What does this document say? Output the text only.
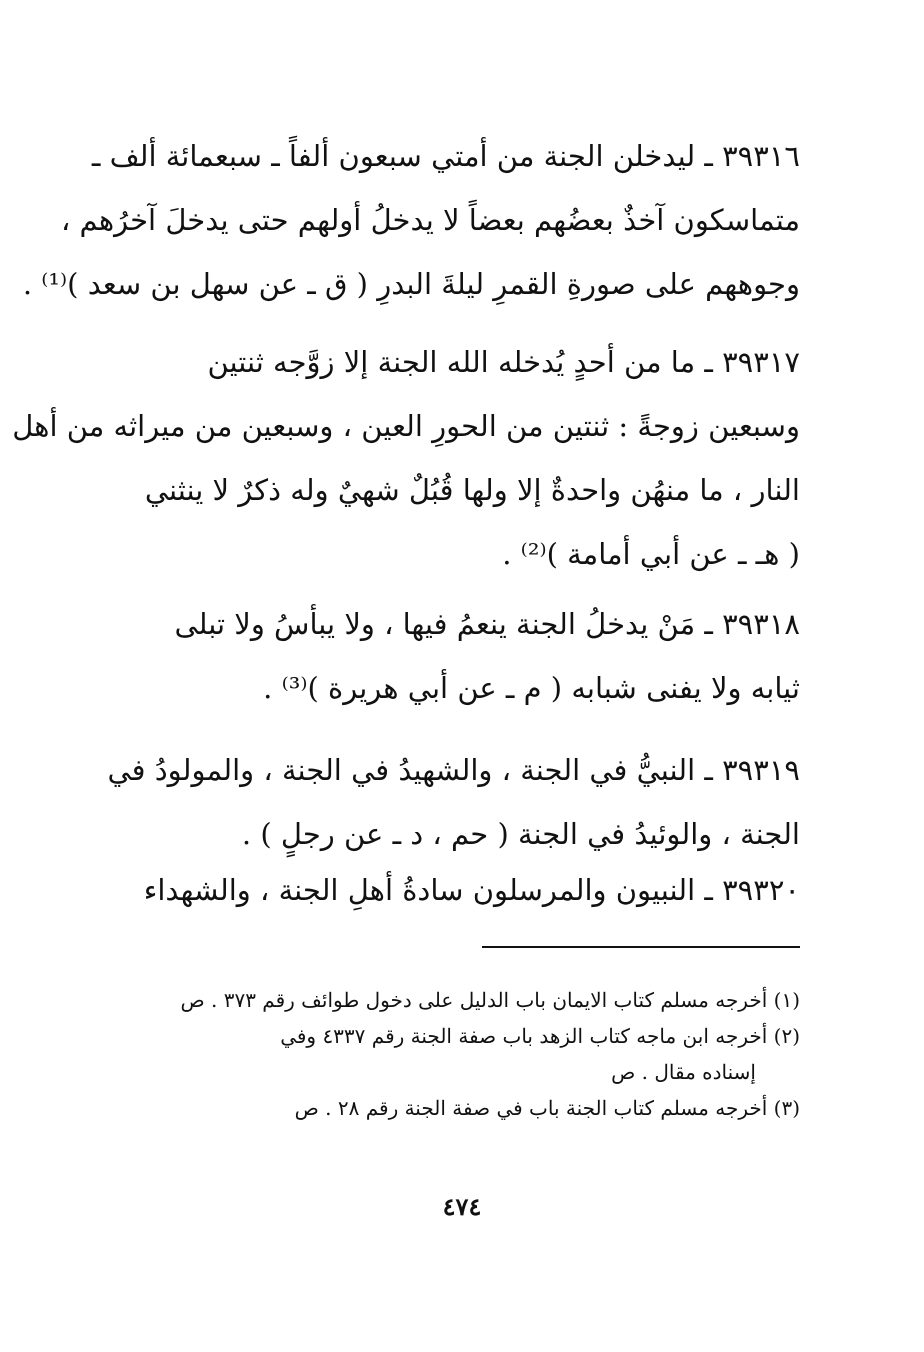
٣٩٣١٦ ـ ليدخلن الجنة من أمتي سبعون ألفاً ـ سبعمائة ألف ـ
متماسكون آخذٌ بعضُهم بعضاً لا يدخلُ أولهم حتى يدخلَ آخرُهم ،
وجوههم على صورةِ القمرِ ليلةَ البدرِ ( ق ـ عن سهل بن سعد )⁽¹⁾ .
٣٩٣١٧ ـ ما من أحدٍ يُدخله الله الجنة إلا زوَّجه ثنتين
وسبعين زوجةً : ثنتين من الحورِ العين ، وسبعين من ميراثه من أهل
النار ، ما منهُن واحدةٌ إلا ولها قُبُلٌ شهيٌ وله ذكرٌ لا ينثني
( هـ ـ عن أبي أمامة )⁽²⁾ .
٣٩٣١٨ ـ مَنْ يدخلُ الجنة ينعمُ فيها ، ولا يبأسُ ولا تبلى
ثيابه ولا يفنى شبابه ( م ـ عن أبي هريرة )⁽³⁾ .
٣٩٣١٩ ـ النبيُّ في الجنة ، والشهيدُ في الجنة ، والمولودُ في
الجنة ، والوئيدُ في الجنة ( حم ، د ـ عن رجلٍ ) .
٣٩٣٢٠ ـ النبيون والمرسلون سادةُ أهلِ الجنة ، والشهداء
(١) أخرجه مسلم كتاب الايمان باب الدليل على دخول طوائف رقم ٣٧٣ . ص
(٢) أخرجه ابن ماجه كتاب الزهد باب صفة الجنة رقم ٤٣٣٧ وفي
إسناده مقال . ص
(٣) أخرجه مسلم كتاب الجنة باب في صفة الجنة رقم ٢٨ . ص
٤٧٤
